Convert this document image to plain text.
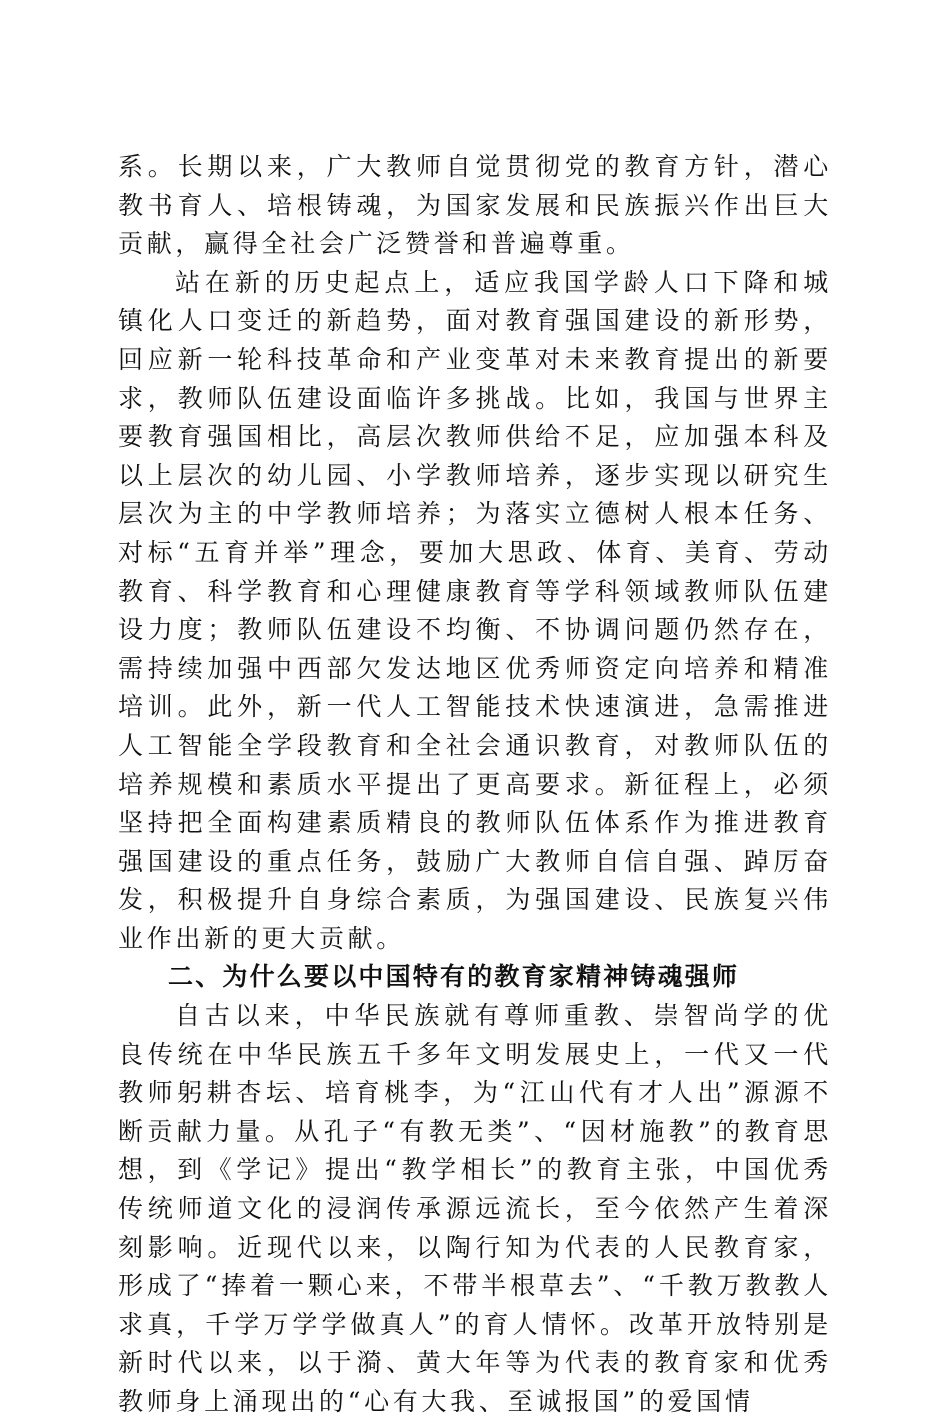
系。长期以来，广大教师自觉贯彻党的教育方针，潜心教书育人、培根铸魂，为国家发展和民族振兴作出巨大贡献，赢得全社会广泛赞誉和普遍尊重。

站在新的历史起点上，适应我国学龄人口下降和城镇化人口变迁的新趋势，面对教育强国建设的新形势，回应新一轮科技革命和产业变革对未来教育提出的新要求，教师队伍建设面临许多挑战。比如，我国与世界主要教育强国相比，高层次教师供给不足，应加强本科及以上层次的幼儿园、小学教师培养，逐步实现以研究生层次为主的中学教师培养；为落实立德树人根本任务、对标“五育并举”理念，要加大思政、体育、美育、劳动教育、科学教育和心理健康教育等学科领域教师队伍建设力度；教师队伍建设不均衡、不协调问题仍然存在，需持续加强中西部欠发达地区优秀师资定向培养和精准培训。此外，新一代人工智能技术快速演进，急需推进人工智能全学段教育和全社会通识教育，对教师队伍的培养规模和素质水平提出了更高要求。新征程上，必须坚持把全面构建素质精良的教师队伍体系作为推进教育强国建设的重点任务，鼓励广大教师自信自强、踔厉奋发，积极提升自身综合素质，为强国建设、民族复兴伟业作出新的更大贡献。

二、为什么要以中国特有的教育家精神铸魂强师

自古以来，中华民族就有尊师重教、崇智尚学的优良传统在中华民族五千多年文明发展史上，一代又一代教师躬耕杏坛、培育桃李，为“江山代有才人出”源源不断贡献力量。从孔子“有教无类”、“因材施教”的教育思想，到《学记》提出“教学相长”的教育主张，中国优秀传统师道文化的浸润传承源远流长，至今依然产生着深刻影响。近现代以来，以陶行知为代表的人民教育家，形成了“捧着一颗心来，不带半根草去”、“千教万教教人求真，千学万学学做真人”的育人情怀。改革开放特别是新时代以来，以于漪、黄大年等为代表的教育家和优秀教师身上涌现出的“心有大我、至诚报国”的爱国情
